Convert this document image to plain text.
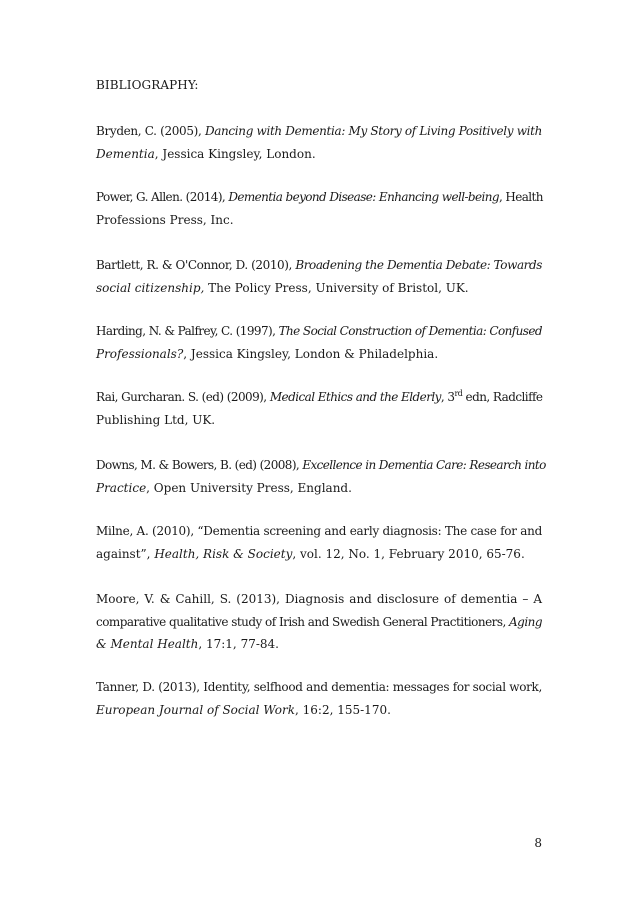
BIBLIOGRAPHY:
Bryden, C. (2005), Dancing with Dementia: My Story of Living Positively with
Dementia, Jessica Kingsley, London.
Power, G. Allen. (2014), Dementia beyond Disease: Enhancing well-being, Health
Professions Press, Inc.
Bartlett, R. & O'Connor, D. (2010), Broadening the Dementia Debate: Towards
social citizenship, The Policy Press, University of Bristol, UK.
Harding, N. & Palfrey, C. (1997), The Social Construction of Dementia: Confused
Professionals?, Jessica Kingsley, London & Philadelphia.
Rai, Gurcharan. S. (ed) (2009), Medical Ethics and the Elderly, 3rd edn, Radcliffe
Publishing Ltd, UK.
Downs, M. & Bowers, B. (ed) (2008), Excellence in Dementia Care: Research into
Practice, Open University Press, England.
Milne, A. (2010), “Dementia screening and early diagnosis: The case for and
against”, Health, Risk & Society, vol. 12, No. 1, February 2010, 65-76.
Moore, V. & Cahill, S. (2013), Diagnosis and disclosure of dementia – A
comparative qualitative study of Irish and Swedish General Practitioners, Aging
& Mental Health, 17:1, 77-84.
Tanner, D. (2013), Identity, selfhood and dementia: messages for social work,
European Journal of Social Work, 16:2, 155-170.
8
